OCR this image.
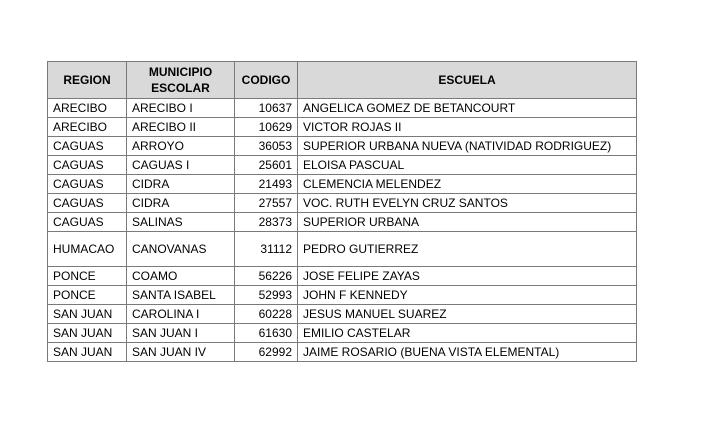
REGION	MUNICIPIO ESCOLAR	CODIGO	ESCUELA
ARECIBO	ARECIBO I	10637	ANGELICA GOMEZ DE BETANCOURT
ARECIBO	ARECIBO II	10629	VICTOR ROJAS II
CAGUAS	ARROYO	36053	SUPERIOR URBANA NUEVA (NATIVIDAD RODRIGUEZ)
CAGUAS	CAGUAS I	25601	ELOISA PASCUAL
CAGUAS	CIDRA	21493	CLEMENCIA MELENDEZ
CAGUAS	CIDRA	27557	VOC. RUTH EVELYN CRUZ SANTOS
CAGUAS	SALINAS	28373	SUPERIOR URBANA
HUMACAO	CANOVANAS	31112	PEDRO GUTIERREZ
PONCE	COAMO	56226	JOSE FELIPE ZAYAS
PONCE	SANTA ISABEL	52993	JOHN F KENNEDY
SAN JUAN	CAROLINA I	60228	JESUS MANUEL SUAREZ
SAN JUAN	SAN JUAN I	61630	EMILIO CASTELAR
SAN JUAN	SAN JUAN IV	62992	JAIME ROSARIO (BUENA VISTA ELEMENTAL)
